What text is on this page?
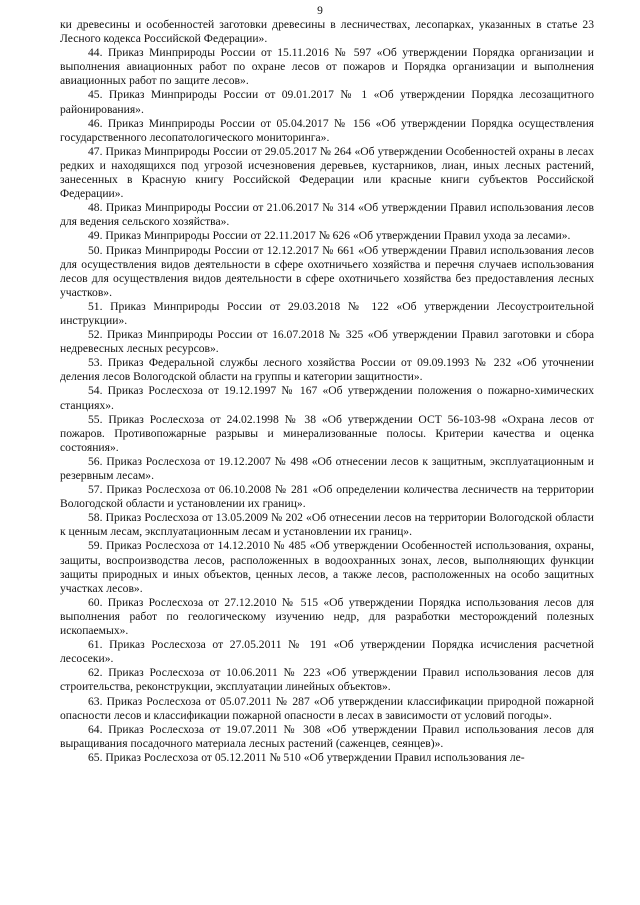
9

ки древесины и особенностей заготовки древесины в лесничествах, лесопарках, указанных в статье 23 Лесного кодекса Российской Федерации».

44. Приказ Минприроды России от 15.11.2016 № 597 «Об утверждении Порядка организации и выполнения авиационных работ по охране лесов от пожаров и Порядка организации и выполнения авиационных работ по защите лесов».

45. Приказ Минприроды России от 09.01.2017 № 1 «Об утверждении Порядка лесозащитного районирования».

46. Приказ Минприроды России от 05.04.2017 № 156 «Об утверждении Порядка осуществления государственного лесопатологического мониторинга».

47. Приказ Минприроды России от 29.05.2017 № 264 «Об утверждении Особенностей охраны в лесах редких и находящихся под угрозой исчезновения деревьев, кустарников, лиан, иных лесных растений, занесенных в Красную книгу Российской Федерации или красные книги субъектов Российской Федерации».

48. Приказ Минприроды России от 21.06.2017 № 314 «Об утверждении Правил использования лесов для ведения сельского хозяйства».

49. Приказ Минприроды России от 22.11.2017 № 626 «Об утверждении Правил ухода за лесами».

50. Приказ Минприроды России от 12.12.2017 № 661 «Об утверждении Правил использования лесов для осуществления видов деятельности в сфере охотничьего хозяйства и перечня случаев использования лесов для осуществления видов деятельности в сфере охотничьего хозяйства без предоставления лесных участков».

51. Приказ Минприроды России от 29.03.2018 № 122 «Об утверждении Лесоустроительной инструкции».

52. Приказ Минприроды России от 16.07.2018 № 325 «Об утверждении Правил заготовки и сбора недревесных лесных ресурсов».

53. Приказ Федеральной службы лесного хозяйства России от 09.09.1993 № 232 «Об уточнении деления лесов Вологодской области на группы и категории защитности».

54. Приказ Рослесхоза от 19.12.1997 № 167 «Об утверждении положения о пожарно-химических станциях».

55. Приказ Рослесхоза от 24.02.1998 № 38 «Об утверждении ОСТ 56-103-98 «Охрана лесов от пожаров. Противопожарные разрывы и минерализованные полосы. Критерии качества и оценка состояния».

56. Приказ Рослесхоза от 19.12.2007 № 498 «Об отнесении лесов к защитным, эксплуатационным и резервным лесам».

57. Приказ Рослесхоза от 06.10.2008 № 281 «Об определении количества лесничеств на территории Вологодской области и установлении их границ».

58. Приказ Рослесхоза от 13.05.2009 № 202 «Об отнесении лесов на территории Вологодской области к ценным лесам, эксплуатационным лесам и установлении их границ».

59. Приказ Рослесхоза от 14.12.2010 № 485 «Об утверждении Особенностей использования, охраны, защиты, воспроизводства лесов, расположенных в водоохранных зонах, лесов, выполняющих функции защиты природных и иных объектов, ценных лесов, а также лесов, расположенных на особо защитных участках лесов».

60. Приказ Рослесхоза от 27.12.2010 № 515 «Об утверждении Порядка использования лесов для выполнения работ по геологическому изучению недр, для разработки месторождений полезных ископаемых».

61. Приказ Рослесхоза от 27.05.2011 № 191 «Об утверждении Порядка исчисления расчетной лесосеки».

62. Приказ Рослесхоза от 10.06.2011 № 223 «Об утверждении Правил использования лесов для строительства, реконструкции, эксплуатации линейных объектов».

63. Приказ Рослесхоза от 05.07.2011 № 287 «Об утверждении классификации природной пожарной опасности лесов и классификации пожарной опасности в лесах в зависимости от условий погоды».

64. Приказ Рослесхоза от 19.07.2011 № 308 «Об утверждении Правил использования лесов для выращивания посадочного материала лесных растений (саженцев, сеянцев)».

65. Приказ Рослесхоза от 05.12.2011 № 510 «Об утверждении Правил использования ле-
